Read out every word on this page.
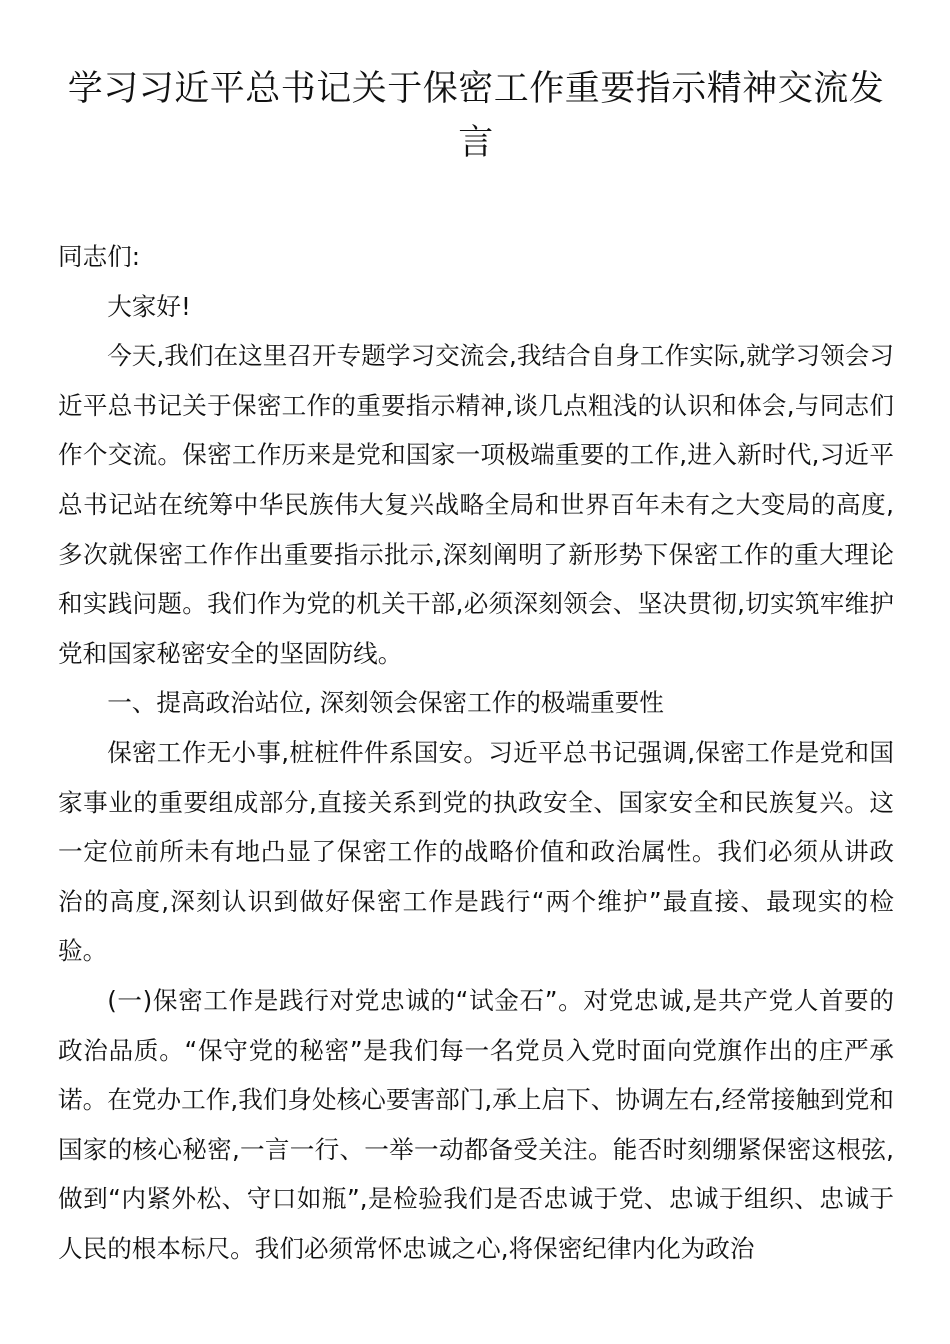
学习习近平总书记关于保密工作重要指示精神交流发言

同志们:

大家好!

今天,我们在这里召开专题学习交流会,我结合自身工作实际,就学习领会习近平总书记关于保密工作的重要指示精神,谈几点粗浅的认识和体会,与同志们作个交流。保密工作历来是党和国家一项极端重要的工作,进入新时代,习近平总书记站在统筹中华民族伟大复兴战略全局和世界百年未有之大变局的高度,多次就保密工作作出重要指示批示,深刻阐明了新形势下保密工作的重大理论和实践问题。我们作为党的机关干部,必须深刻领会、坚决贯彻,切实筑牢维护党和国家秘密安全的坚固防线。

一、提高政治站位, 深刻领会保密工作的极端重要性

保密工作无小事,桩桩件件系国安。习近平总书记强调,保密工作是党和国家事业的重要组成部分,直接关系到党的执政安全、国家安全和民族复兴。这一定位前所未有地凸显了保密工作的战略价值和政治属性。我们必须从讲政治的高度,深刻认识到做好保密工作是践行“两个维护”最直接、最现实的检验。

(一)保密工作是践行对党忠诚的“试金石”。对党忠诚,是共产党人首要的政治品质。“保守党的秘密”是我们每一名党员入党时面向党旗作出的庄严承诺。在党办工作,我们身处核心要害部门,承上启下、协调左右,经常接触到党和国家的核心秘密,一言一行、一举一动都备受关注。能否时刻绷紧保密这根弦,做到“内紧外松、守口如瓶”,是检验我们是否忠诚于党、忠诚于组织、忠诚于人民的根本标尺。我们必须常怀忠诚之心,将保密纪律内化为政治
